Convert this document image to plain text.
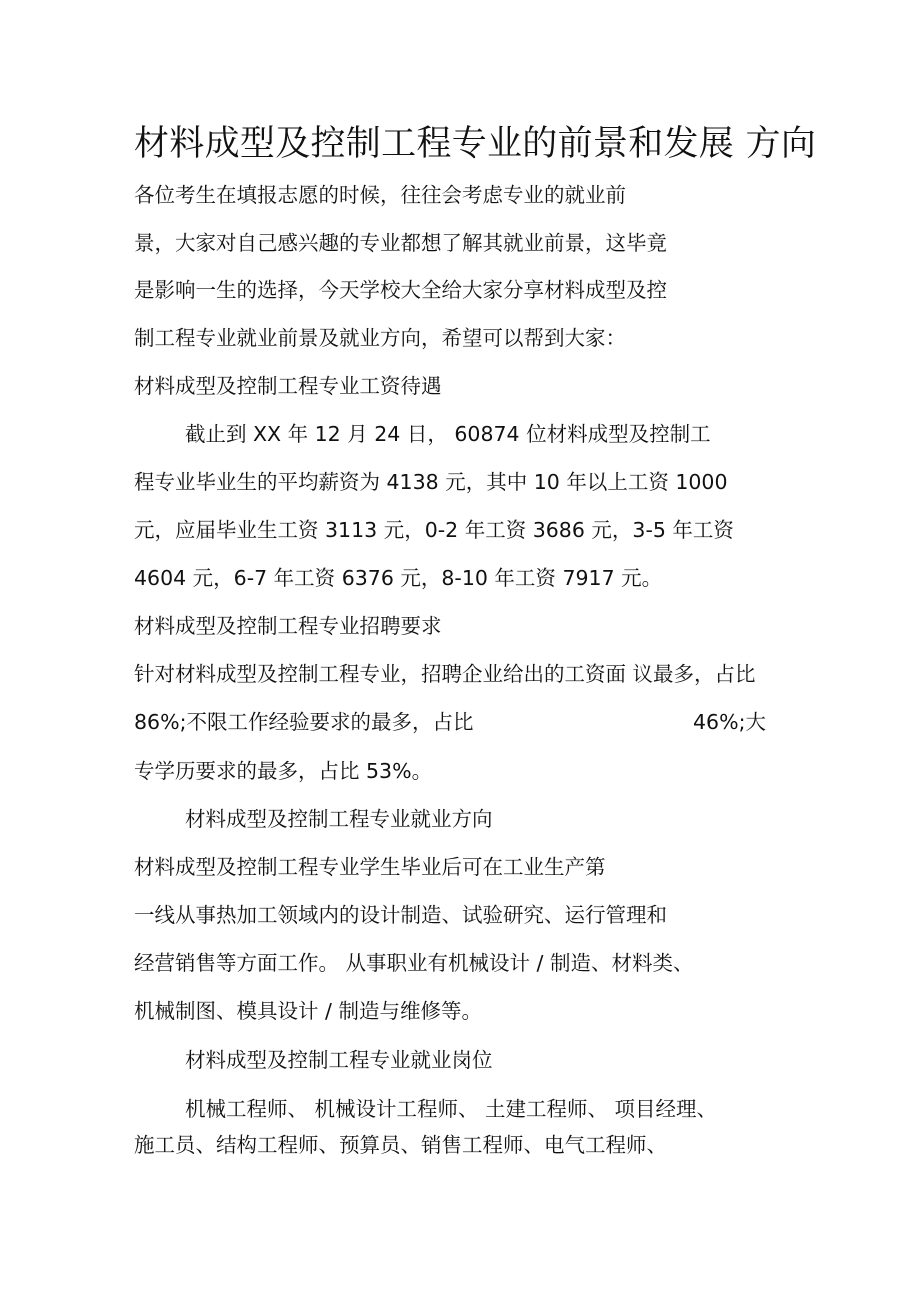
材料成型及控制工程专业的前景和发展 方向

各位考生在填报志愿的时候，往往会考虑专业的就业前

景，大家对自己感兴趣的专业都想了解其就业前景，这毕竟

是影响一生的选择，今天学校大全给大家分享材料成型及控

制工程专业就业前景及就业方向，希望可以帮到大家：

材料成型及控制工程专业工资待遇

截止到 XX 年 12 月 24 日， 60874 位材料成型及控制工

程专业毕业生的平均薪资为 4138 元，其中 10 年以上工资 1000

元，应届毕业生工资 3113 元，0-2 年工资 3686 元，3-5 年工资

4604 元，6-7 年工资 6376 元，8-10 年工资 7917 元。

材料成型及控制工程专业招聘要求

针对材料成型及控制工程专业，招聘企业给出的工资面 议最多，占比

86%;不限工作经验要求的最多，占比	46%;大

专学历要求的最多，占比 53%。

材料成型及控制工程专业就业方向

材料成型及控制工程专业学生毕业后可在工业生产第

一线从事热加工领域内的设计制造、试验研究、运行管理和

经营销售等方面工作。 从事职业有机械设计 / 制造、材料类、

机械制图、模具设计 / 制造与维修等。

材料成型及控制工程专业就业岗位

机械工程师、 机械设计工程师、 土建工程师、 项目经理、

施工员、结构工程师、预算员、销售工程师、电气工程师、
